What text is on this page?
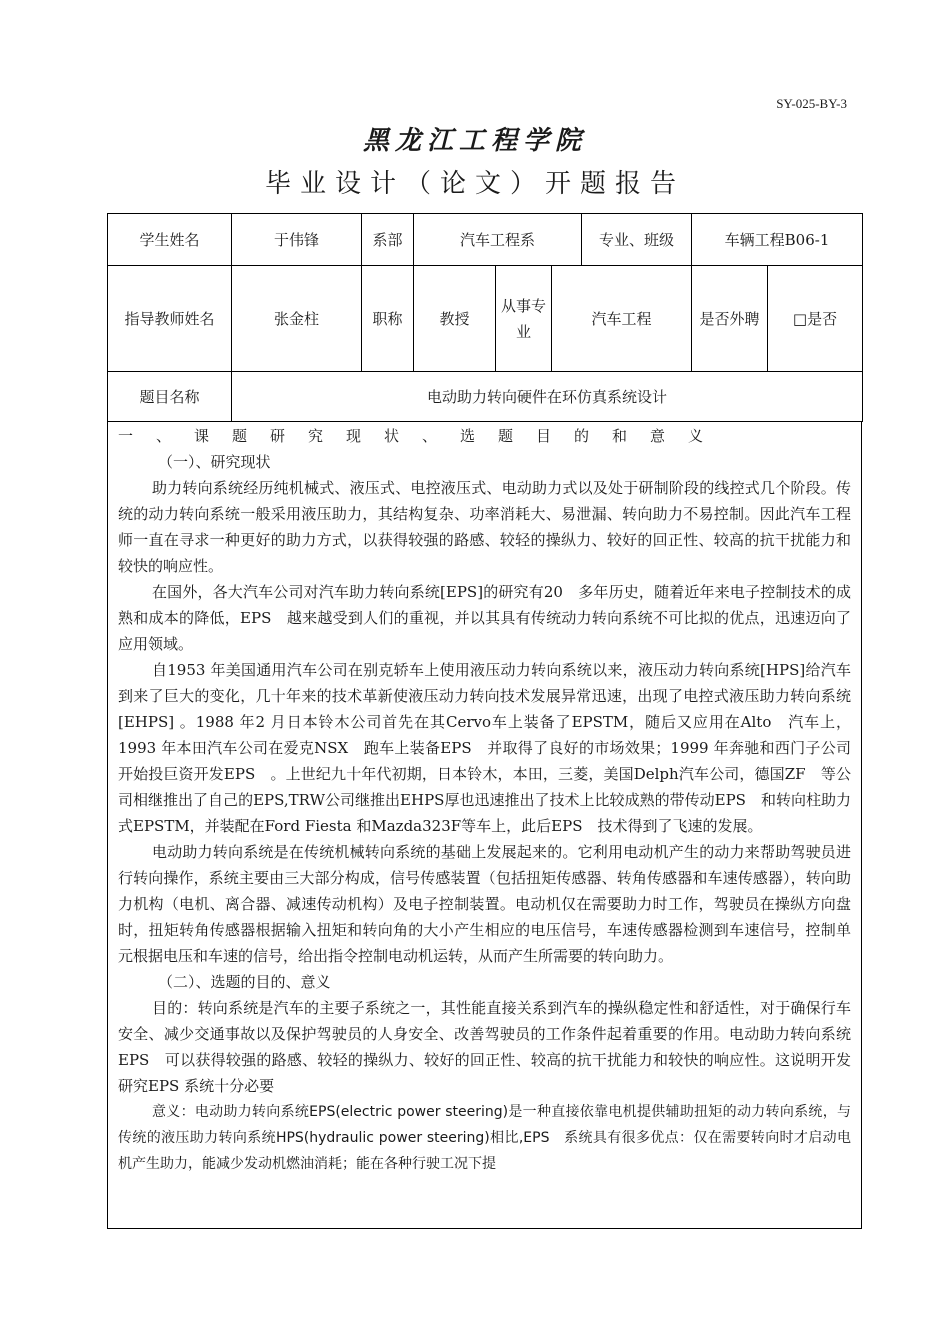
SY-025-BY-3
黑龙江工程学院
毕业设计（论文）开题报告
学生姓名	于伟锋	系部	汽车工程系			专业、班级	车辆工程B06-1	
指导教师姓名	张金柱	职称	教授	从事专业	汽车工程		是否外聘	□是否
题目名称	电动助力转向硬件在环仿真系统设计							
一、课题研究现状、选题目的和意义
（一）、研究现状

助力转向系统经历纯机械式、液压式、电控液压式、电动助力式以及处于研制阶段的线控式几个阶段。传统的动力转向系统一般采用液压助力，其结构复杂、功率消耗大、易泄漏、转向助力不易控制。因此汽车工程师一直在寻求一种更好的助力方式，以获得较强的路感、较轻的操纵力、较好的回正性、较高的抗干扰能力和较快的响应性。

在国外，各大汽车公司对汽车助力转向系统[EPS]的研究有20　多年历史，随着近年来电子控制技术的成熟和成本的降低，EPS　越来越受到人们的重视，并以其具有传统动力转向系统不可比拟的优点，迅速迈向了应用领域。

自1953 年美国通用汽车公司在别克轿车上使用液压动力转向系统以来，液压动力转向系统[HPS]给汽车到来了巨大的变化，几十年来的技术革新使液压动力转向技术发展异常迅速，出现了电控式液压助力转向系统[EHPS] 。1988 年2 月日本铃木公司首先在其Cervo车上装备了EPSTM，随后又应用在Alto　汽车上，1993 年本田汽车公司在爱克NSX　跑车上装备EPS　并取得了良好的市场效果；1999 年奔驰和西门子公司开始投巨资开发EPS　。上世纪九十年代初期，日本铃木，本田，三菱，美国Delph汽车公司，德国ZF　等公司相继推出了自己的EPS,TRW公司继推出EHPS厚也迅速推出了技术上比较成熟的带传动EPS　和转向柱助力式EPSTM，并装配在Ford Fiesta 和Mazda323F等车上，此后EPS　技术得到了飞速的发展。

电动助力转向系统是在传统机械转向系统的基础上发展起来的。它利用电动机产生的动力来帮助驾驶员进行转向操作，系统主要由三大部分构成，信号传感装置（包括扭矩传感器、转角传感器和车速传感器），转向助力机构（电机、离合器、减速传动机构）及电子控制装置。电动机仅在需要助力时工作，驾驶员在操纵方向盘时，扭矩转角传感器根据输入扭矩和转向角的大小产生相应的电压信号，车速传感器检测到车速信号，控制单元根据电压和车速的信号，给出指令控制电动机运转，从而产生所需要的转向助力。

（二）、选题的目的、意义

目的：转向系统是汽车的主要子系统之一，其性能直接关系到汽车的操纵稳定性和舒适性，对于确保行车安全、减少交通事故以及保护驾驶员的人身安全、改善驾驶员的工作条件起着重要的作用。电动助力转向系统EPS　可以获得较强的路感、较轻的操纵力、较好的回正性、较高的抗干扰能力和较快的响应性。这说明开发研究EPS 系统十分必要

意义：电动助力转向系统EPS(electric power steering)是一种直接依靠电机提供辅助扭矩的动力转向系统，与传统的液压助力转向系统HPS(hydraulic power steering)相比,EPS　系统具有很多优点：仅在需要转向时才启动电机产生助力，能减少发动机燃油消耗；能在各种行驶工况下提
